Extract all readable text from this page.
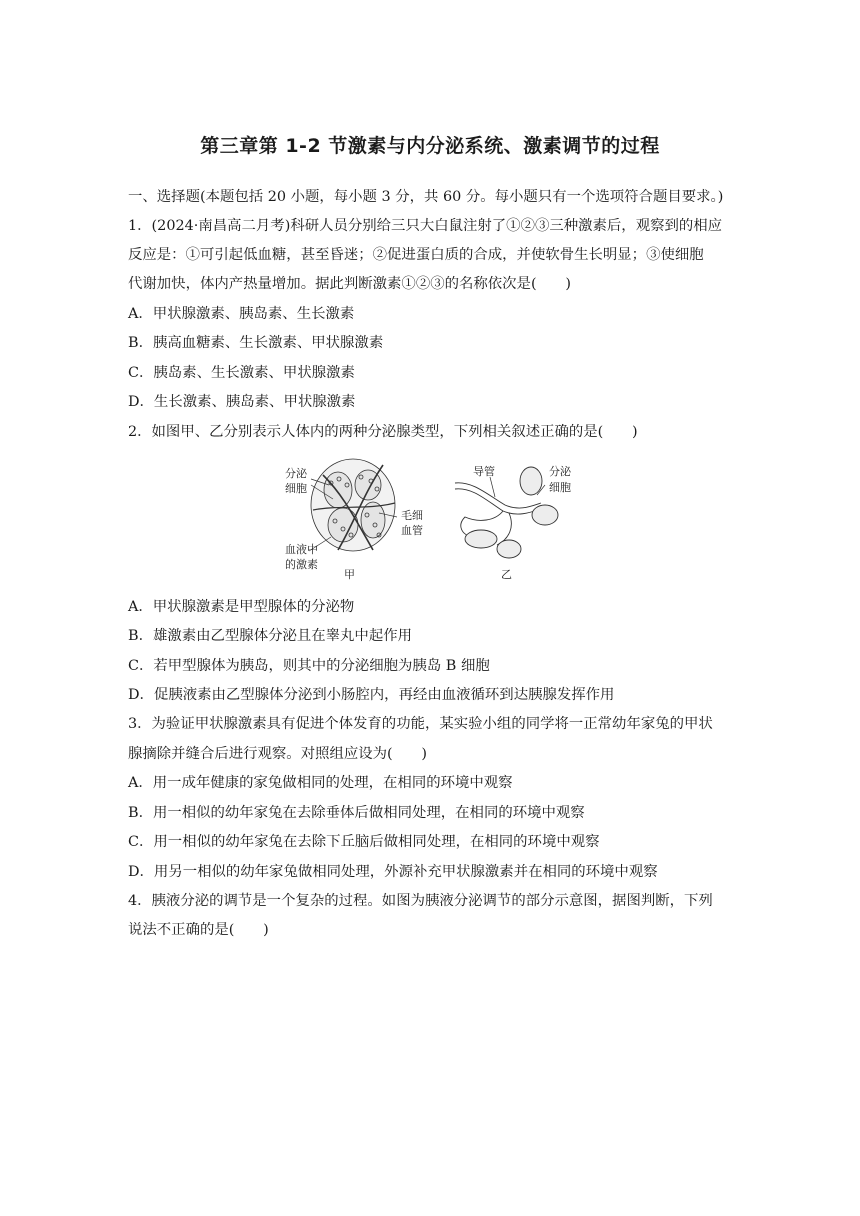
第三章第 1-2 节激素与内分泌系统、激素调节的过程
一、选择题(本题包括 20 小题，每小题 3 分，共 60 分。每小题只有一个选项符合题目要求。)
1．(2024·南昌高二月考)科研人员分别给三只大白鼠注射了①②③三种激素后，观察到的相应
反应是：①可引起低血糖，甚至昏迷；②促进蛋白质的合成，并使软骨生长明显；③使细胞
代谢加快，体内产热量增加。据此判断激素①②③的名称依次是(　　)
A．甲状腺激素、胰岛素、生长激素
B．胰高血糖素、生长激素、甲状腺激素
C．胰岛素、生长激素、甲状腺激素
D．生长激素、胰岛素、甲状腺激素
2．如图甲、乙分别表示人体内的两种分泌腺类型，下列相关叙述正确的是(　　)
分泌
细胞
毛细
血管
血液中
的激素
甲
导管	分泌
细胞
乙
A．甲状腺激素是甲型腺体的分泌物
B．雄激素由乙型腺体分泌且在睾丸中起作用
C．若甲型腺体为胰岛，则其中的分泌细胞为胰岛 B 细胞
D．促胰液素由乙型腺体分泌到小肠腔内，再经由血液循环到达胰腺发挥作用
3．为验证甲状腺激素具有促进个体发育的功能，某实验小组的同学将一正常幼年家兔的甲状
腺摘除并缝合后进行观察。对照组应设为(　　)
A．用一成年健康的家兔做相同的处理，在相同的环境中观察
B．用一相似的幼年家兔在去除垂体后做相同处理，在相同的环境中观察
C．用一相似的幼年家兔在去除下丘脑后做相同处理，在相同的环境中观察
D．用另一相似的幼年家兔做相同处理，外源补充甲状腺激素并在相同的环境中观察
4．胰液分泌的调节是一个复杂的过程。如图为胰液分泌调节的部分示意图，据图判断，下列
说法不正确的是(　　)
